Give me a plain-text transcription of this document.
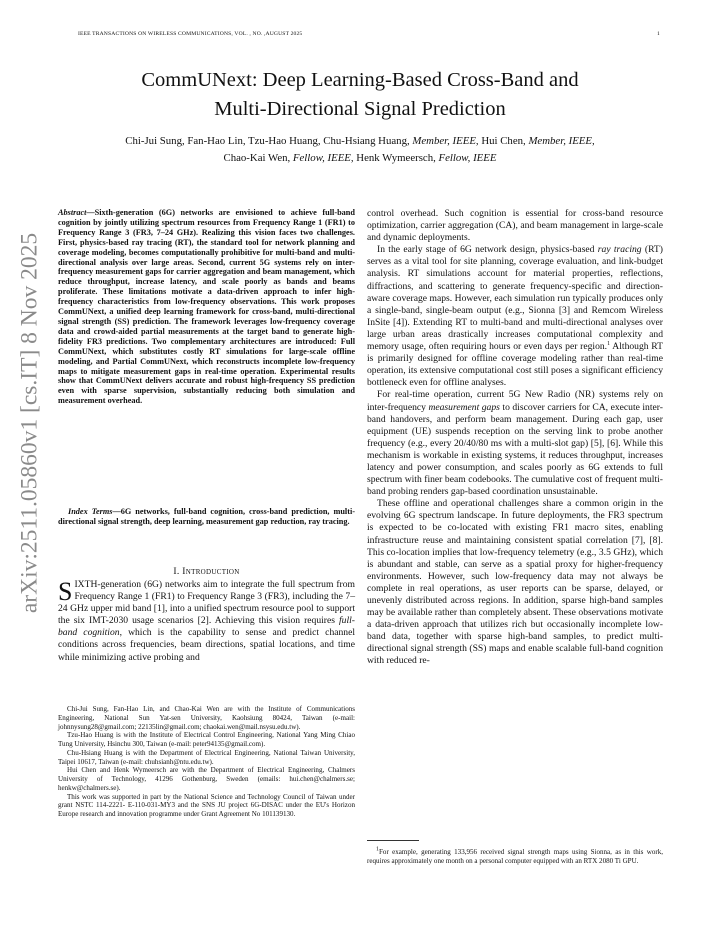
IEEE TRANSACTIONS ON WIRELESS COMMUNICATIONS, VOL. , NO. ,AUGUST 2025	1
arXiv:2511.05860v1 [cs.IT] 8 Nov 2025
CommUNext: Deep Learning-Based Cross-Band and
Multi-Directional Signal Prediction
Chi-Jui Sung, Fan-Hao Lin, Tzu-Hao Huang, Chu-Hsiang Huang, Member, IEEE, Hui Chen, Member, IEEE,
Chao-Kai Wen, Fellow, IEEE, Henk Wymeersch, Fellow, IEEE

Abstract—Sixth-generation (6G) networks are envisioned to achieve full-band cognition by jointly utilizing spectrum resources from Frequency Range 1 (FR1) to Frequency Range 3 (FR3, 7–24 GHz). Realizing this vision faces two challenges. First, physics-based ray tracing (RT), the standard tool for network planning and coverage modeling, becomes computationally prohibitive for multi-band and multi-directional analysis over large areas. Second, current 5G systems rely on inter-frequency measurement gaps for carrier aggregation and beam management, which reduce throughput, increase latency, and scale poorly as bands and beams proliferate. These limitations motivate a data-driven approach to infer high-frequency characteristics from low-frequency observations. This work proposes CommUNext, a unified deep learning framework for cross-band, multi-directional signal strength (SS) prediction. The framework leverages low-frequency coverage data and crowd-aided partial measurements at the target band to generate high-fidelity FR3 predictions. Two complementary architectures are introduced: Full CommUNext, which substitutes costly RT simulations for large-scale offline modeling, and Partial CommUNext, which reconstructs incomplete low-frequency maps to mitigate measurement gaps in real-time operation. Experimental results show that CommUNext delivers accurate and robust high-frequency SS prediction even with sparse supervision, substantially reducing both simulation and measurement overhead.

Index Terms—6G networks, full-band cognition, cross-band prediction, multi-directional signal strength, deep learning, measurement gap reduction, ray tracing.

I. Introduction

SIXTH-generation (6G) networks aim to integrate the full spectrum from Frequency Range 1 (FR1) to Frequency Range 3 (FR3), including the 7–24 GHz upper mid band [1], into a unified spectrum resource pool to support the six IMT-2030 usage scenarios [2]. Achieving this vision requires full-band cognition, which is the capability to sense and predict channel conditions across frequencies, beam directions, spatial locations, and time while minimizing active probing and

Chi-Jui Sung, Fan-Hao Lin, and Chao-Kai Wen are with the Institute of Communications Engineering, National Sun Yat-sen University, Kaohsiung 80424, Taiwan (e-mail: johnnysung28@gmail.com; 22135lin@gmail.com; chaokai.wen@mail.nsysu.edu.tw).

Tzu-Hao Huang is with the Institute of Electrical Control Engineering, National Yang Ming Chiao Tung University, Hsinchu 300, Taiwan (e-mail: peter94135@gmail.com).

Chu-Hsiang Huang is with the Department of Electrical Engineering, National Taiwan University, Taipei 10617, Taiwan (e-mail: chuhsianh@ntu.edu.tw).

Hui Chen and Henk Wymeersch are with the Department of Electrical Engineering, Chalmers University of Technology, 41296 Gothenburg, Sweden (emails: hui.chen@chalmers.se; henkw@chalmers.se).

This work was supported in part by the National Science and Technology Council of Taiwan under grant NSTC 114-2221- E-110-031-MY3 and the SNS JU project 6G-DISAC under the EU's Horizon Europe research and innovation programme under Grant Agreement No 101139130.

control overhead. Such cognition is essential for cross-band resource optimization, carrier aggregation (CA), and beam management in large-scale and dynamic deployments.

In the early stage of 6G network design, physics-based ray tracing (RT) serves as a vital tool for site planning, coverage evaluation, and link-budget analysis. RT simulations account for material properties, reflections, diffractions, and scattering to generate frequency-specific and direction-aware coverage maps. However, each simulation run typically produces only a single-band, single-beam output (e.g., Sionna [3] and Remcom Wireless InSite [4]). Extending RT to multi-band and multi-directional analyses over large urban areas drastically increases computational complexity and memory usage, often requiring hours or even days per region.$^1$ Although RT is primarily designed for offline coverage modeling rather than real-time operation, its extensive computational cost still poses a significant efficiency bottleneck even for offline analyses.

For real-time operation, current 5G New Radio (NR) systems rely on inter-frequency measurement gaps to discover carriers for CA, execute inter-band handovers, and perform beam management. During each gap, user equipment (UE) suspends reception on the serving link to probe another frequency (e.g., every 20/40/80 ms with a multi-slot gap) [5], [6]. While this mechanism is workable in existing systems, it reduces throughput, increases latency and power consumption, and scales poorly as 6G extends to full spectrum with finer beam codebooks. The cumulative cost of frequent multi-band probing renders gap-based coordination unsustainable.

These offline and operational challenges share a common origin in the evolving 6G spectrum landscape. In future deployments, the FR3 spectrum is expected to be co-located with existing FR1 macro sites, enabling infrastructure reuse and maintaining consistent spatial correlation [7], [8]. This co-location implies that low-frequency telemetry (e.g., 3.5 GHz), which is abundant and stable, can serve as a spatial proxy for higher-frequency environments. However, such low-frequency data may not always be complete in real operations, as user reports can be sparse, delayed, or unevenly distributed across regions. In addition, sparse high-band samples may be available rather than completely absent. These observations motivate a data-driven approach that utilizes rich but occasionally incomplete low-band data, together with sparse high-band samples, to predict multi-directional signal strength (SS) maps and enable scalable full-band cognition with reduced re-

$^1$For example, generating 133,956 received signal strength maps using Sionna, as in this work, requires approximately one month on a personal computer equipped with an RTX 2080 Ti GPU.
